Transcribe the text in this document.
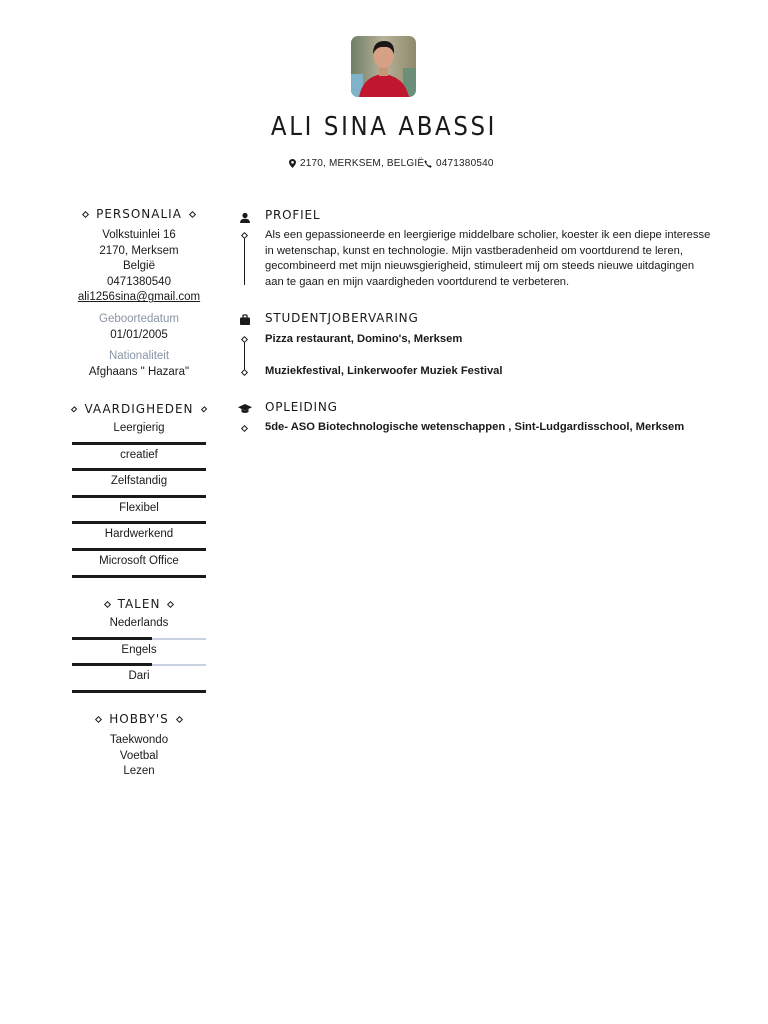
ALI SINA ABASSI
2170, MERKSEM, BELGIË 0471380540
PERSONALIA
Volkstuinlei 16
2170, Merksem
België
0471380540
ali1256sina@gmail.com
Geboortedatum
01/01/2005
Nationaliteit
Afghaans " Hazara"
VAARDIGHEDEN
Leergierig
creatief
Zelfstandig
Flexibel
Hardwerkend
Microsoft Office
TALEN
Nederlands
Engels
Dari
HOBBY'S
Taekwondo
Voetbal
Lezen
PROFIEL
Als een gepassioneerde en leergierige middelbare scholier, koester ik een diepe interesse
in wetenschap, kunst en technologie. Mijn vastberadenheid om voortdurend te leren,
gecombineerd met mijn nieuwsgierigheid, stimuleert mij om steeds nieuwe uitdagingen
aan te gaan en mijn vaardigheden voortdurend te verbeteren.
STUDENTJOBERVARING
Pizza restaurant, Domino's, Merksem
Muziekfestival, Linkerwoofer Muziek Festival
OPLEIDING
5de- ASO Biotechnologische wetenschappen , Sint-Ludgardisschool, Merksem
